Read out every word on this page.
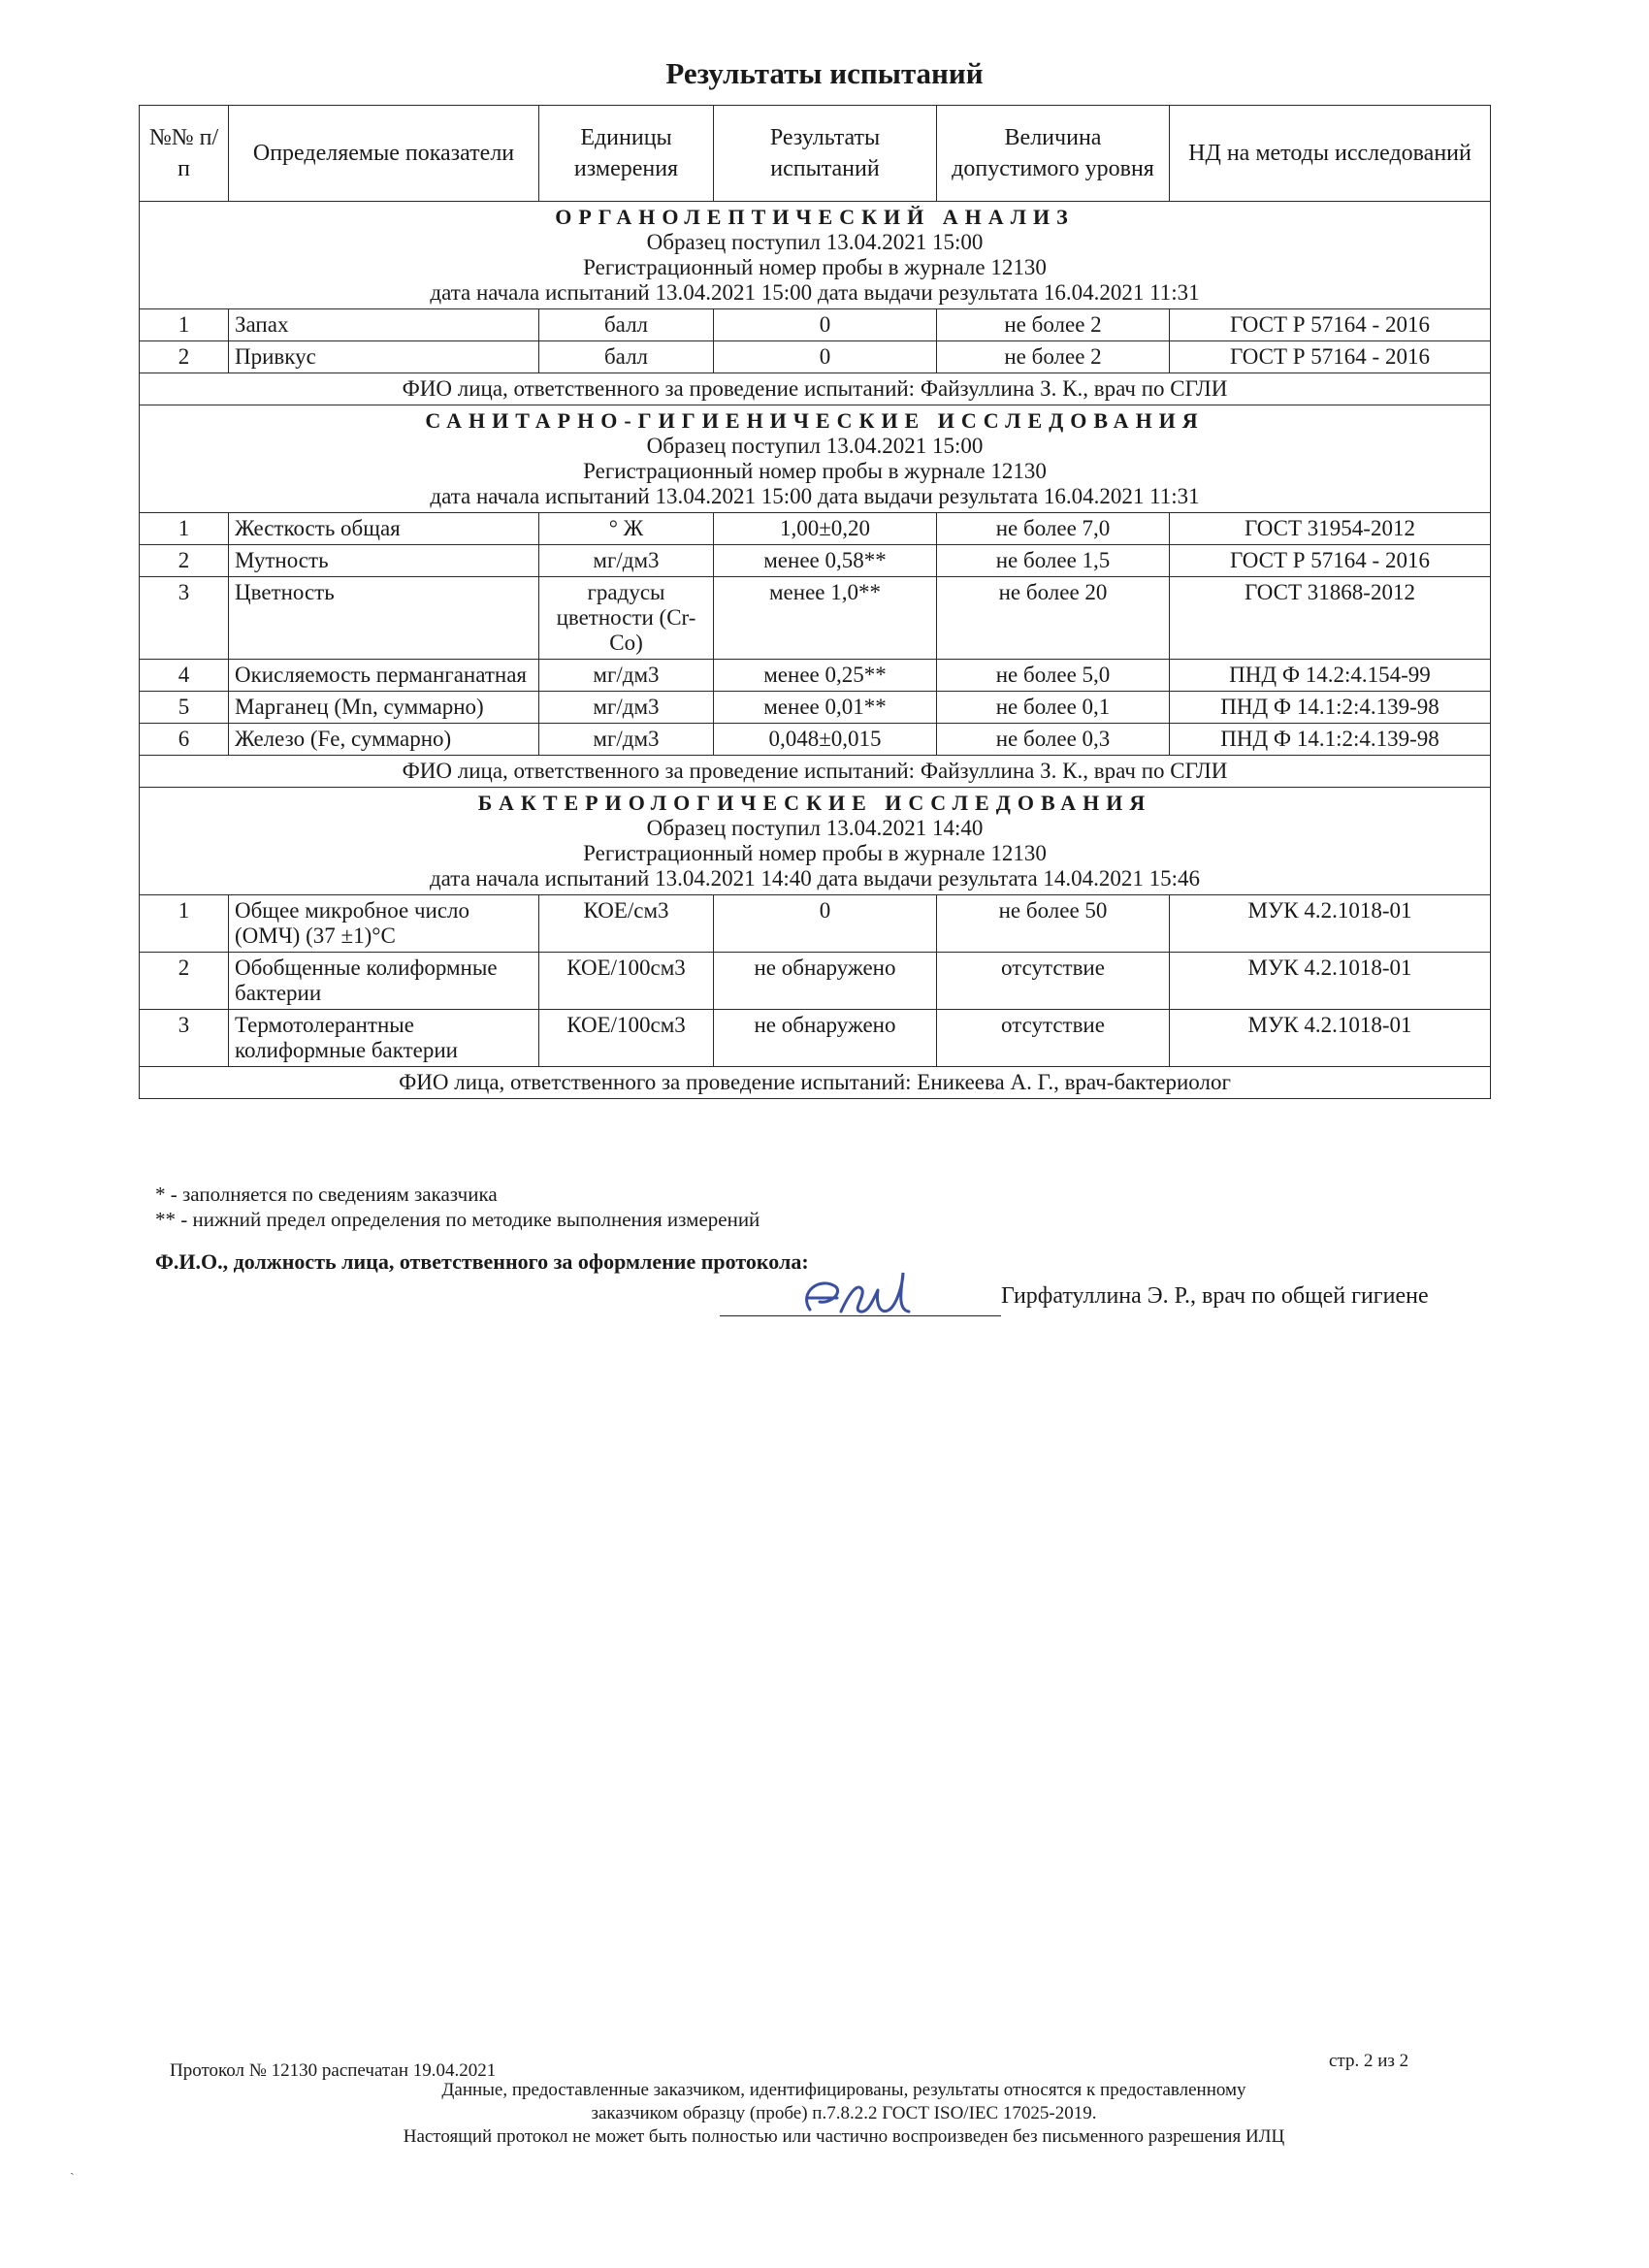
Результаты испытаний
№№ п/п	Определяемые показатели	Единицы измерения	Результаты испытаний	Величина допустимого уровня	НД на методы исследований

ОРГАНОЛЕПТИЧЕСКИЙ АНАЛИЗ
Образец поступил 13.04.2021 15:00
Регистрационный номер пробы в журнале 12130
дата начала испытаний 13.04.2021 15:00 дата выдачи результата 16.04.2021 11:31					

1	Запах	балл	0	не более 2	ГОСТ Р 57164 - 2016
2	Привкус	балл	0	не более 2	ГОСТ Р 57164 - 2016
ФИО лица, ответственного за проведение испытаний: Файзуллина З. К., врач по СГЛИ					

САНИТАРНО-ГИГИЕНИЧЕСКИЕ ИССЛЕДОВАНИЯ
Образец поступил 13.04.2021 15:00
Регистрационный номер пробы в журнале 12130
дата начала испытаний 13.04.2021 15:00 дата выдачи результата 16.04.2021 11:31					

1	Жесткость общая	° Ж	1,00±0,20	не более 7,0	ГОСТ 31954-2012
2	Мутность	мг/дм3	менее 0,58**	не более 1,5	ГОСТ Р 57164 - 2016
3	Цветность	градусы цветности (Cr-Co)	менее 1,0**	не более 20	ГОСТ 31868-2012
4	Окисляемость перманганатная	мг/дм3	менее 0,25**	не более 5,0	ПНД Ф 14.2:4.154-99
5	Марганец (Mn, суммарно)	мг/дм3	менее 0,01**	не более 0,1	ПНД Ф 14.1:2:4.139-98
6	Железо (Fe, суммарно)	мг/дм3	0,048±0,015	не более 0,3	ПНД Ф 14.1:2:4.139-98
ФИО лица, ответственного за проведение испытаний: Файзуллина З. К., врач по СГЛИ					

БАКТЕРИОЛОГИЧЕСКИЕ ИССЛЕДОВАНИЯ
Образец поступил 13.04.2021 14:40
Регистрационный номер пробы в журнале 12130
дата начала испытаний 13.04.2021 14:40 дата выдачи результата 14.04.2021 15:46					

1	Общее микробное число (ОМЧ) (37 ±1)°С	КОЕ/см3	0	не более 50	МУК 4.2.1018-01
2	Обобщенные колиформные бактерии	КОЕ/100см3	не обнаружено	отсутствие	МУК 4.2.1018-01
3	Термотолерантные колиформные бактерии	КОЕ/100см3	не обнаружено	отсутствие	МУК 4.2.1018-01
ФИО лица, ответственного за проведение испытаний: Еникеева А. Г., врач-бактериолог					
* - заполняется по сведениям заказчика
** - нижний предел определения по методике выполнения измерений
Ф.И.О., должность лица, ответственного за оформление протокола:
Гирфатуллина Э. Р., врач по общей гигиене
Протокол № 12130 распечатан 19.04.2021	стр. 2 из 2
Данные, предоставленные заказчиком, идентифицированы, результаты относятся к предоставленному
заказчиком образцу (пробе) п.7.8.2.2 ГОСТ ISO/IEC 17025-2019.
Настоящий протокол не может быть полностью или частично воспроизведен без письменного разрешения ИЛЦ
ˏ
